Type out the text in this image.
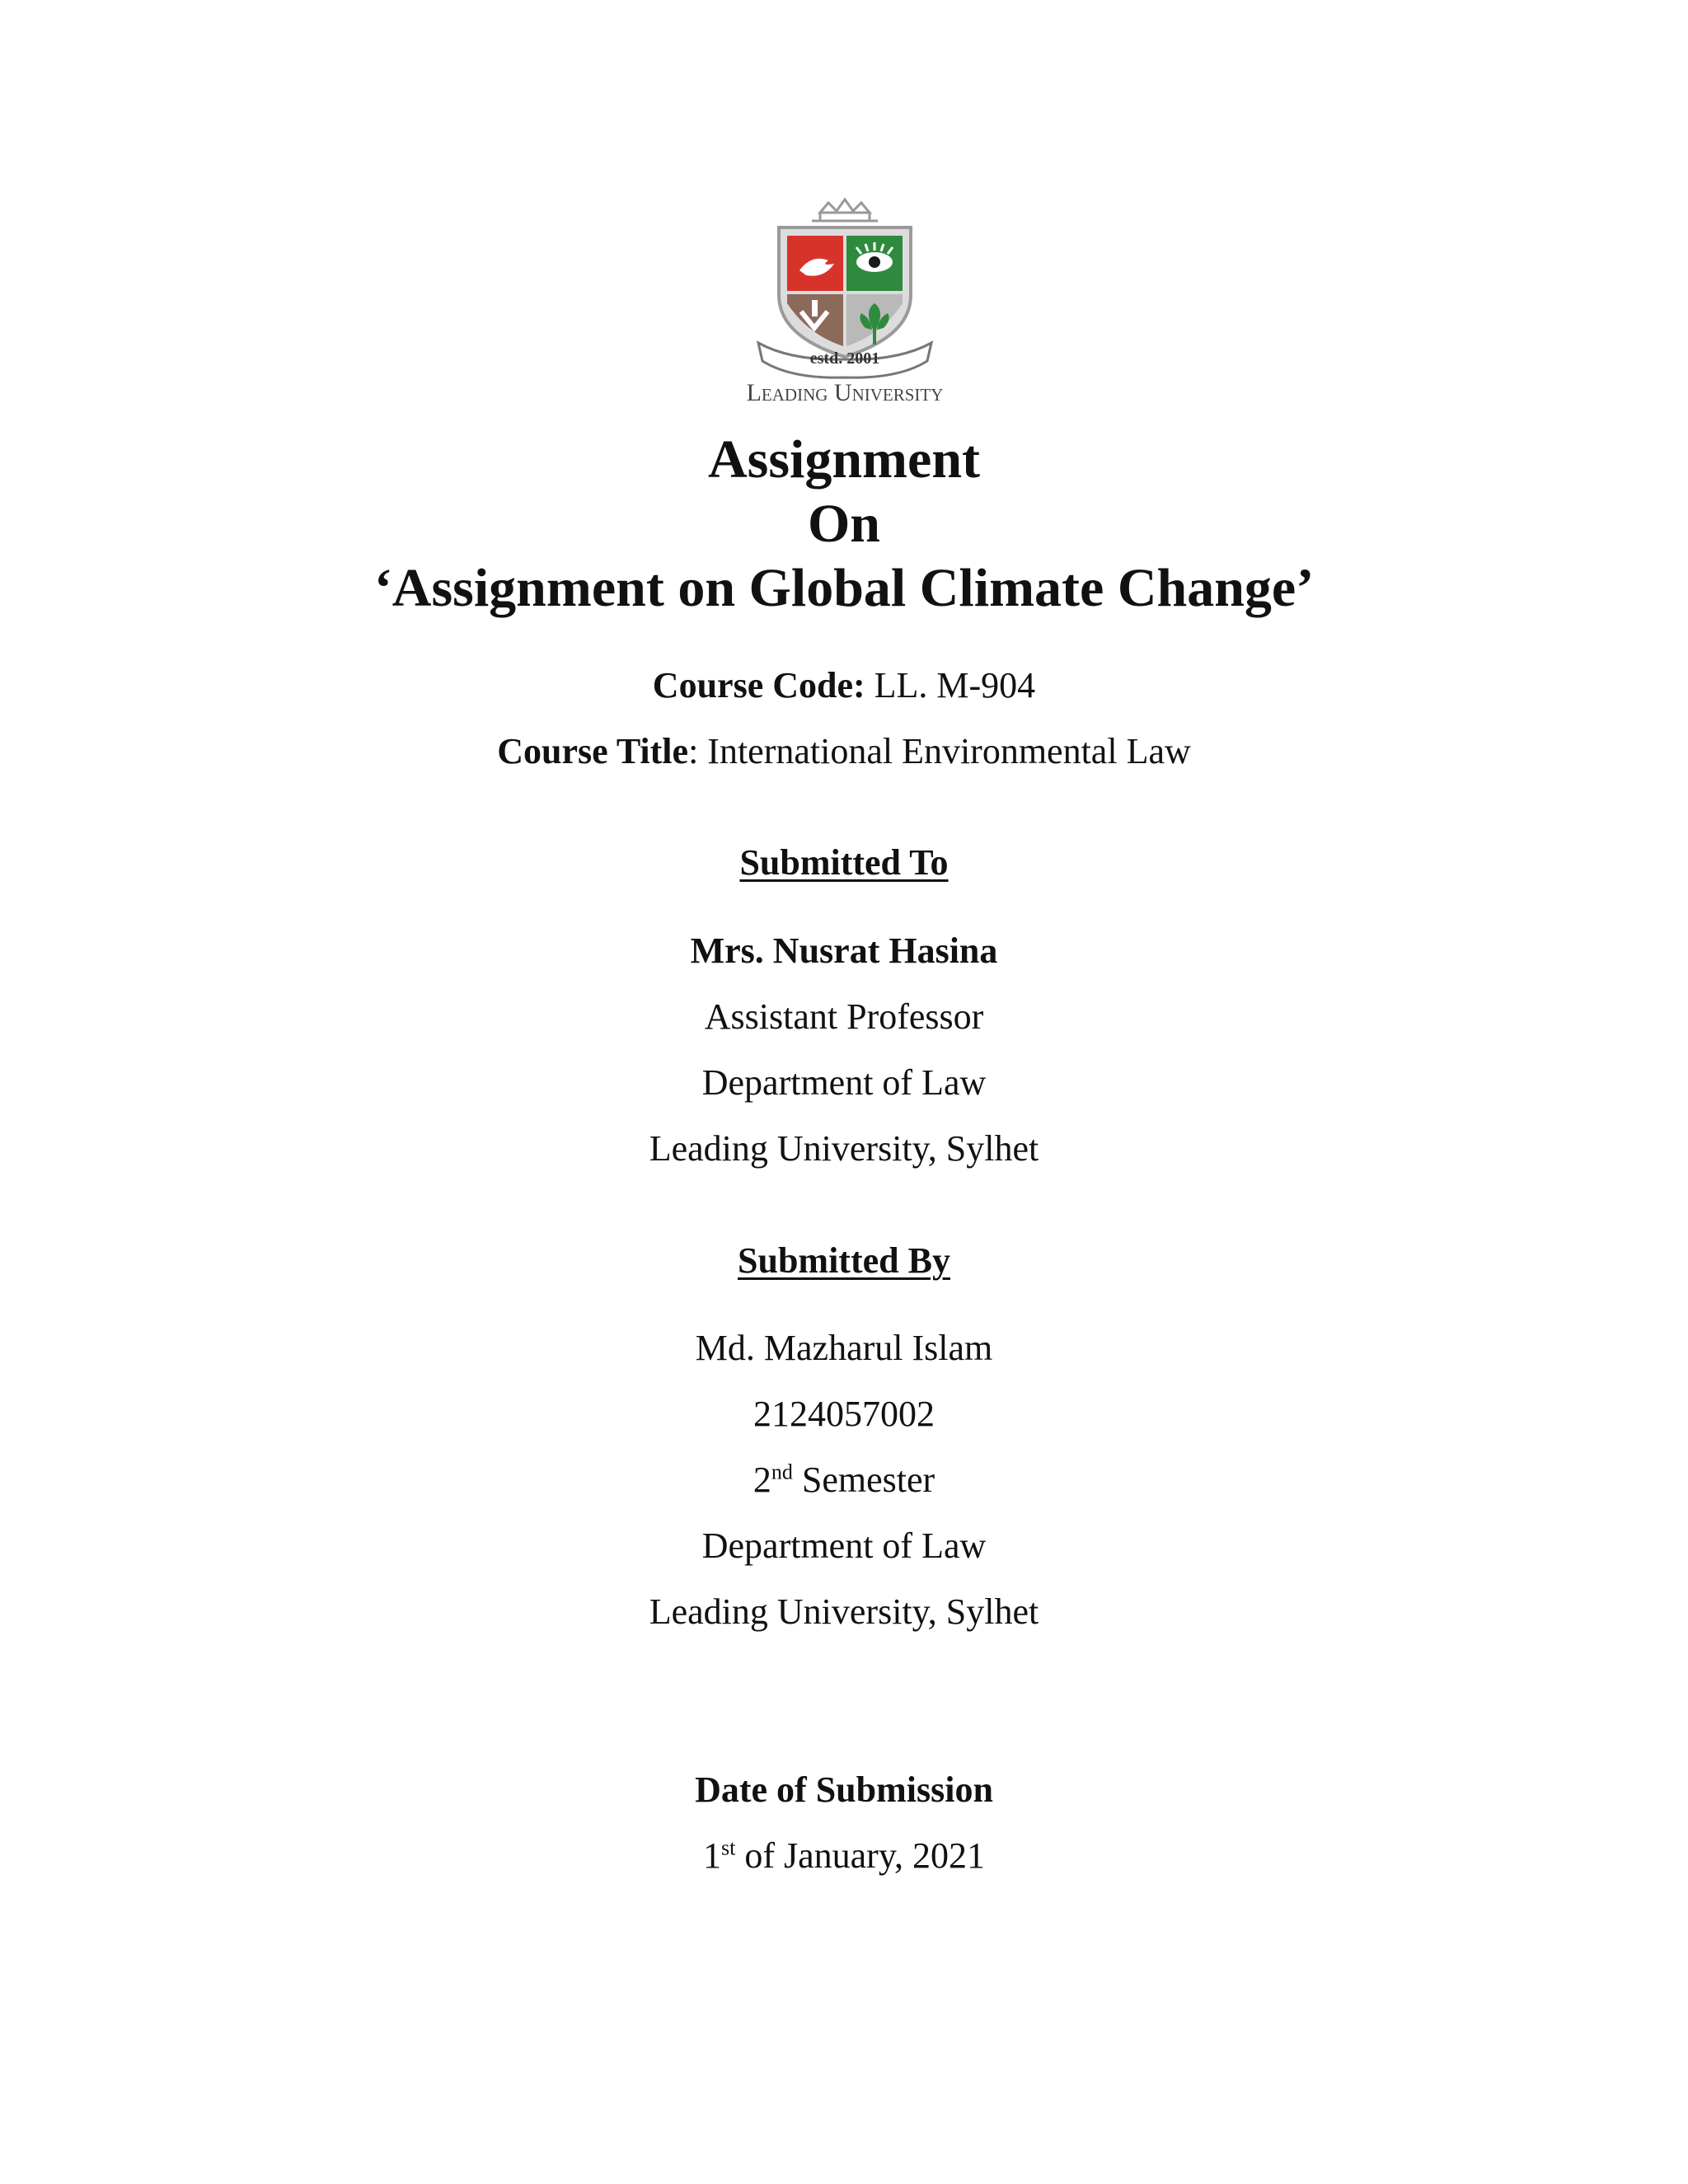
estd. 2001
Leading University
Assignment
On
‘Assignment on Global Climate Change’
Course Code: LL. M-904
Course Title: International Environmental Law
Submitted To
Mrs. Nusrat Hasina
Assistant Professor
Department of Law
Leading University, Sylhet
Submitted By
Md. Mazharul Islam
2124057002
2nd Semester
Department of Law
Leading University, Sylhet
Date of Submission
1st of January, 2021
